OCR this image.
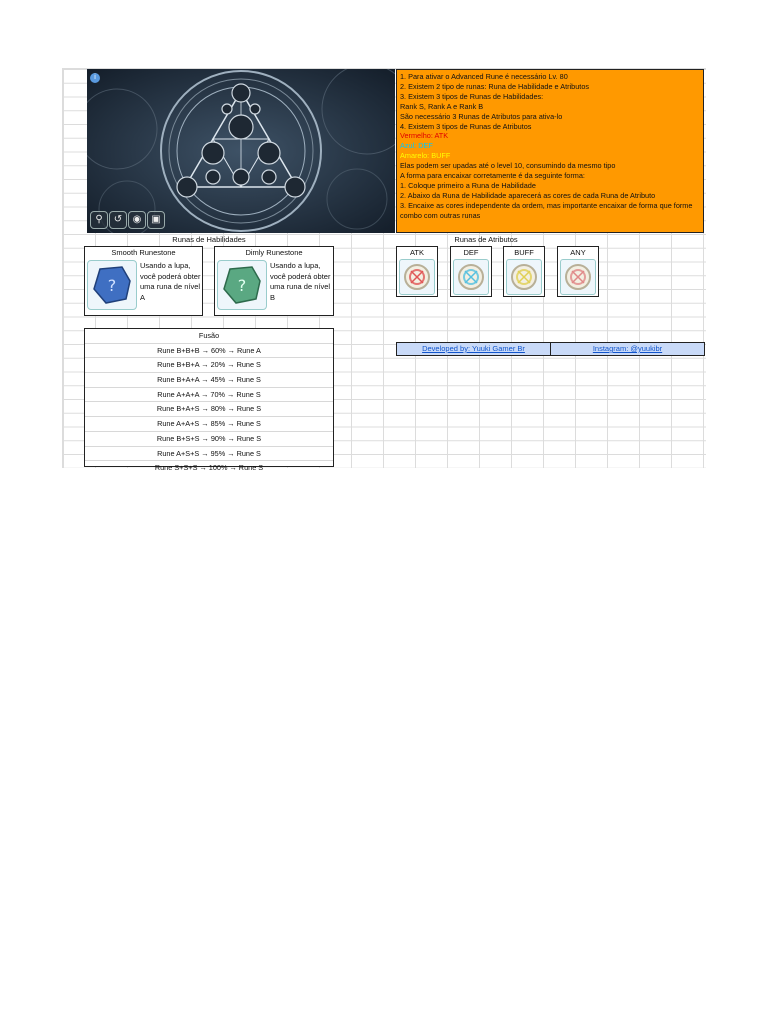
i
⚲	↺	◉ ▣
1. Para ativar o Advanced Rune é necessário Lv. 80
2. Existem 2 tipo de runas: Runa de Habilidade e Atributos
3. Existem 3 tipos de Runas de Habilidades:
Rank S, Rank A e Rank B
São necessário 3 Runas de Atributos para ativa-lo
4. Existem 3 tipos de Runas de Atributos
Vermelho: ATK
Azul: DEF
Amarelo: BUFF
Elas podem ser upadas até o level 10, consumindo da mesmo tipo
A forma para encaixar corretamente é da seguinte forma:
1. Coloque primeiro a Runa de Habilidade
2. Abaixo da Runa de Habilidade aparecerá as cores de cada Runa de Atributo
3. Encaixe as cores independente da ordem, mas importante encaixar de forma que forme combo com outras runas
Runas de Habilidades
Smooth Runestone
?
Usando a lupa, você poderá obter uma runa de nível A
Dimly Runestone
?
Usando a lupa, você poderá obter uma runa de nível B
Runas de Atributos
ATK	DEF	BUFF	ANY
Fusão
Rune B+B+B → 60% → Rune A
Rune B+B+A → 20% → Rune S
Rune B+A+A → 45% → Rune S
Rune A+A+A → 70% → Rune S
Rune B+A+S → 80% → Rune S
Rune A+A+S → 85% → Rune S
Rune B+S+S → 90% → Rune S
Rune A+S+S → 95% → Rune S
Rune S+S+S → 100% → Rune S
Developed by: Yuuki Gamer Br	Instagram: @yuukibr
